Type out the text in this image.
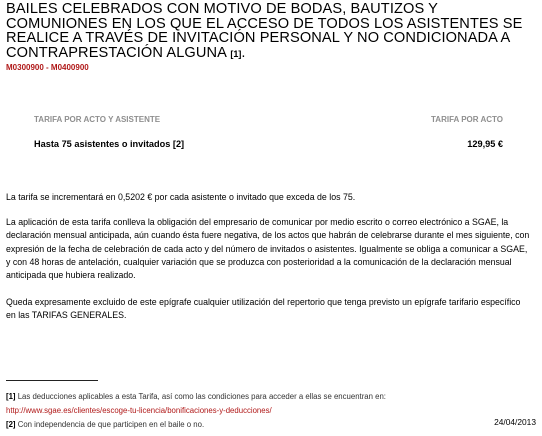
BAILES CELEBRADOS CON MOTIVO DE BODAS, BAUTIZOS Y COMUNIONES EN LOS QUE EL ACCESO DE TODOS LOS ASISTENTES SE REALICE A TRAVÉS DE INVITACIÓN PERSONAL Y NO CONDICIONADA A CONTRAPRESTACIÓN ALGUNA [1].
M0300900 - M0400900
TARIFA POR ACTO Y ASISTENTE	TARIFA POR ACTO
Hasta 75 asistentes o invitados [2]	129,95 €
La tarifa se incrementará en 0,5202 € por cada asistente o invitado que exceda de los 75.
La aplicación de esta tarifa conlleva la obligación del empresario de comunicar por medio escrito o correo electrónico a SGAE, la declaración mensual anticipada, aún cuando ésta fuere negativa, de los actos que habrán de celebrarse durante el mes siguiente, con expresión de la fecha de celebración de cada acto y del número de invitados o asistentes. Igualmente se obliga a comunicar a SGAE, y con 48 horas de antelación, cualquier variación que se produzca con posterioridad a la comunicación de la declaración mensual anticipada que hubiera realizado.
Queda expresamente excluido de este epígrafe cualquier utilización del repertorio que tenga previsto un epígrafe tarifario específico en las TARIFAS GENERALES.
[1] Las deducciones aplicables a esta Tarifa, así como las condiciones para acceder a ellas se encuentran en:
http://www.sgae.es/clientes/escoge-tu-licencia/bonificaciones-y-deducciones/
[2] Con independencia de que participen en el baile o no.	24/04/2013
